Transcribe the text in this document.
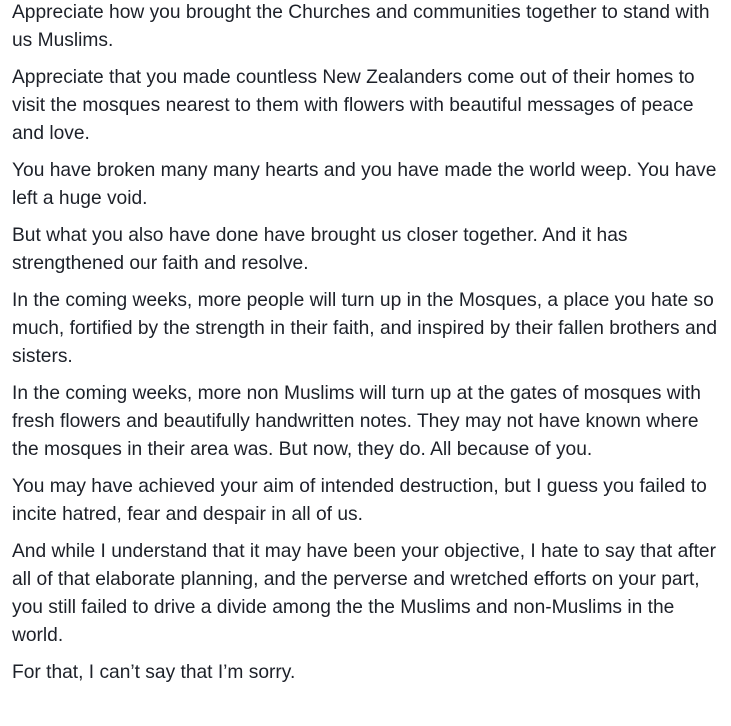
Appreciate how you brought the Churches and communities together to stand with us Muslims.

Appreciate that you made countless New Zealanders come out of their homes to visit the mosques nearest to them with flowers with beautiful messages of peace and love.

You have broken many many hearts and you have made the world weep. You have left a huge void.

But what you also have done have brought us closer together. And it has strengthened our faith and resolve.

In the coming weeks, more people will turn up in the Mosques, a place you hate so much, fortified by the strength in their faith, and inspired by their fallen brothers and sisters.

In the coming weeks, more non Muslims will turn up at the gates of mosques with fresh flowers and beautifully handwritten notes. They may not have known where the mosques in their area was. But now, they do. All because of you.

You may have achieved your aim of intended destruction, but I guess you failed to incite hatred, fear and despair in all of us.

And while I understand that it may have been your objective, I hate to say that after all of that elaborate planning, and the perverse and wretched efforts on your part, you still failed to drive a divide among the the Muslims and non-Muslims in the world.

For that, I can’t say that I’m sorry.
